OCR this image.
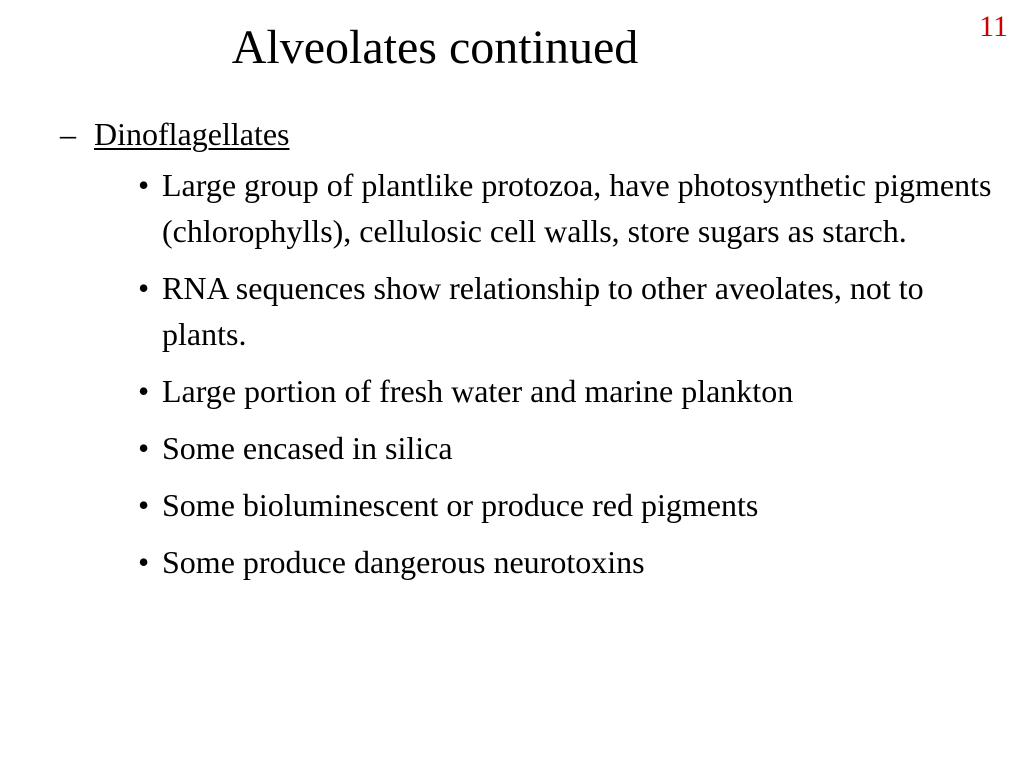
11
Alveolates continued
– Dinoflagellates
• Large group of plantlike protozoa, have photosynthetic pigments (chlorophylls), cellulosic cell walls, store sugars as starch.
• RNA sequences show relationship to other aveolates, not to plants.
• Large portion of fresh water and marine plankton
• Some encased in silica
• Some bioluminescent or produce red pigments
• Some produce dangerous neurotoxins
